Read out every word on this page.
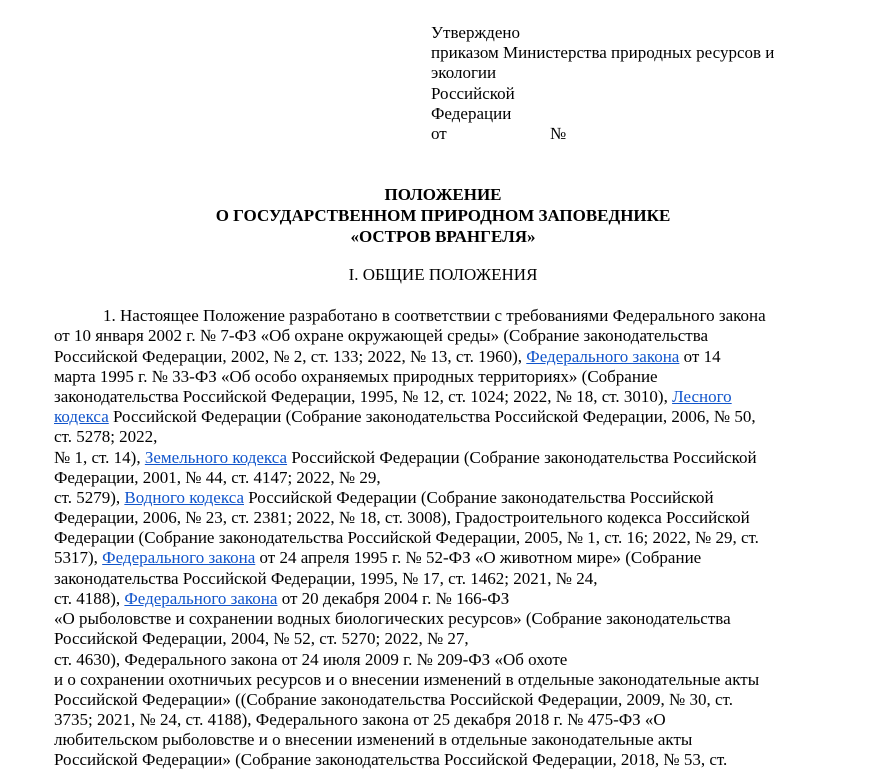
Утверждено
приказом Министерства природных ресурсов и
экологии
Российской
Федерации
от	№
ПОЛОЖЕНИЕ
О ГОСУДАРСТВЕННОМ ПРИРОДНОМ ЗАПОВЕДНИКЕ
«ОСТРОВ ВРАНГЕЛЯ»
I. ОБЩИЕ ПОЛОЖЕНИЯ
1. Настоящее Положение разработано в соответствии с требованиями Федерального закона
от 10 января 2002 г. № 7-ФЗ «Об охране окружающей среды» (Собрание законодательства
Российской Федерации, 2002, № 2, ст. 133; 2022, № 13, ст. 1960), Федерального закона от 14
марта 1995 г. № 33-ФЗ «Об особо охраняемых природных территориях» (Собрание
законодательства Российской Федерации, 1995, № 12, ст. 1024; 2022, № 18, ст. 3010), Лесного
кодекса Российской Федерации (Собрание законодательства Российской Федерации, 2006, № 50,
ст. 5278; 2022,
№ 1, ст. 14), Земельного кодекса Российской Федерации (Собрание законодательства Российской
Федерации, 2001, № 44, ст. 4147; 2022, № 29,
ст. 5279), Водного кодекса Российской Федерации (Собрание законодательства Российской
Федерации, 2006, № 23, ст. 2381; 2022, № 18, ст. 3008), Градостроительного кодекса Российской
Федерации (Собрание законодательства Российской Федерации, 2005, № 1, ст. 16; 2022, № 29, ст.
5317), Федерального закона от 24 апреля 1995 г. № 52-ФЗ «О животном мире» (Собрание
законодательства Российской Федерации, 1995, № 17, ст. 1462; 2021, № 24,
ст. 4188), Федерального закона от 20 декабря 2004 г. № 166-ФЗ
«О рыболовстве и сохранении водных биологических ресурсов» (Собрание законодательства
Российской Федерации, 2004, № 52, ст. 5270; 2022, № 27,
ст. 4630), Федерального закона от 24 июля 2009 г. № 209-ФЗ «Об охоте
и о сохранении охотничьих ресурсов и о внесении изменений в отдельные законодательные акты
Российской Федерации» ((Собрание законодательства Российской Федерации, 2009, № 30, ст.
3735; 2021, № 24, ст. 4188), Федерального закона от 25 декабря 2018 г. № 475-ФЗ «О
любительском рыболовстве и о внесении изменений в отдельные законодательные акты
Российской Федерации» (Собрание законодательства Российской Федерации, 2018, № 53, ст.
